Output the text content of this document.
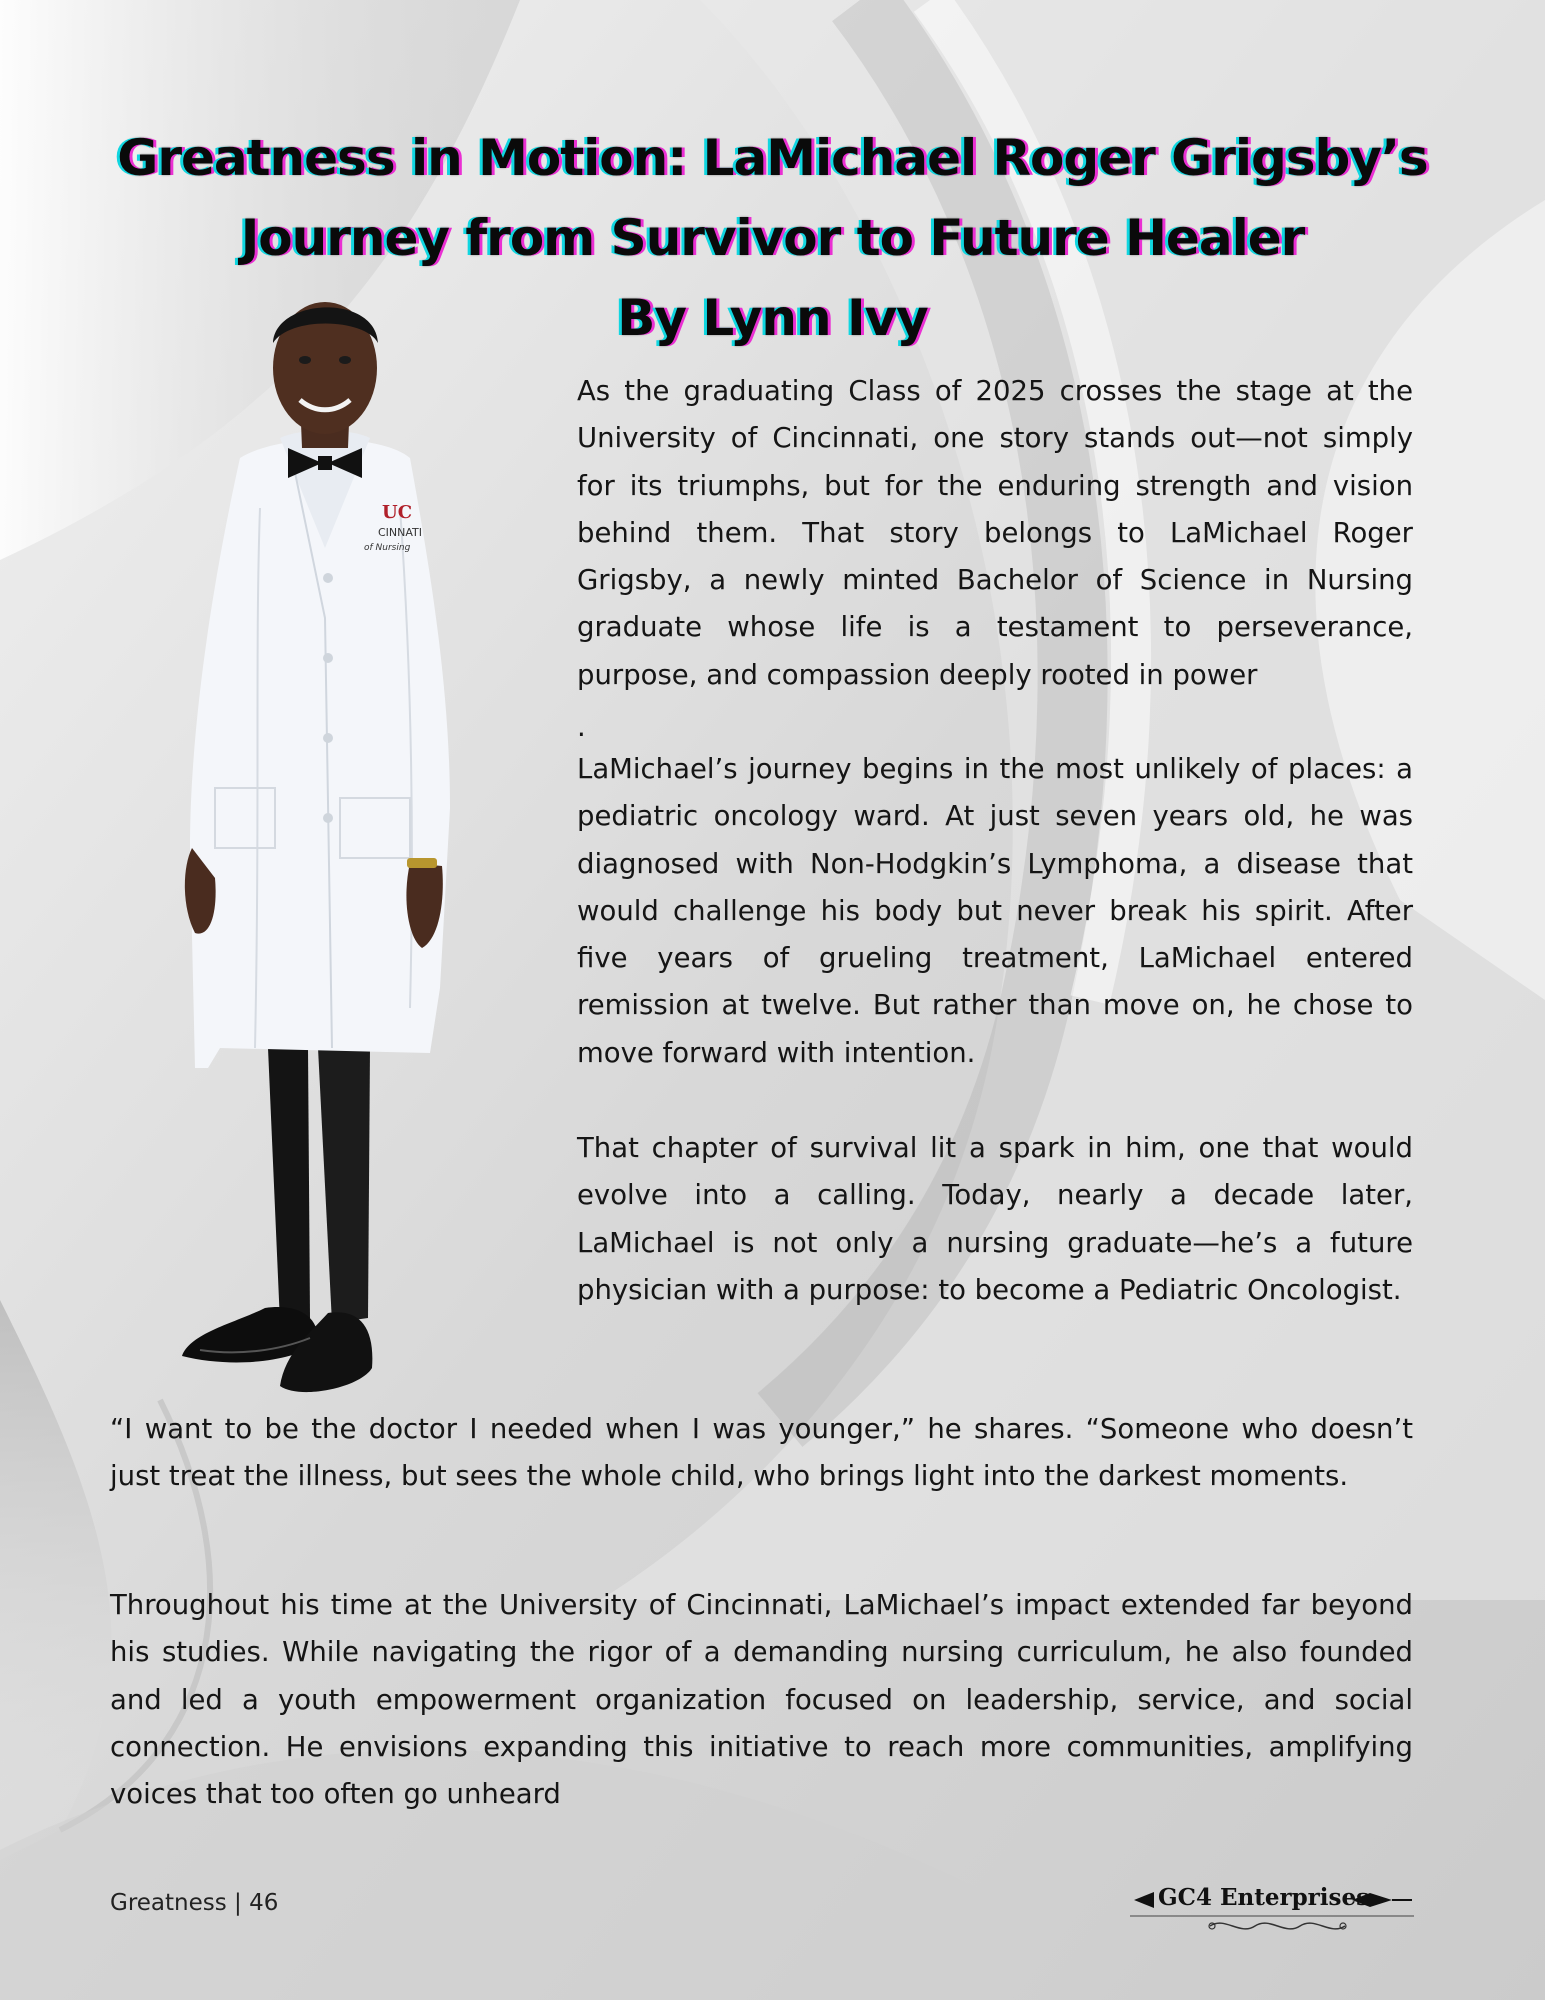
Greatness in Motion: LaMichael Roger Grigsby’s
Journey from Survivor to Future Healer
By Lynn Ivy
UC
CINNATI
of Nursing

As the graduating Class of 2025 crosses the stage at the University of Cincinnati, one story stands out—not simply for its triumphs, but for the enduring strength and vision behind them. That story belongs to LaMichael Roger Grigsby, a newly minted Bachelor of Science in Nursing graduate whose life is a testament to perseverance, purpose, and compassion deeply rooted in power

.

LaMichael’s journey begins in the most unlikely of places: a pediatric oncology ward. At just seven years old, he was diagnosed with Non-Hodgkin’s Lymphoma, a disease that would challenge his body but never break his spirit. After five years of grueling treatment, LaMichael entered remission at twelve. But rather than move on, he chose to move forward with intention.

That chapter of survival lit a spark in him, one that would evolve into a calling. Today, nearly a decade later, LaMichael is not only a nursing graduate—he’s a future physician with a purpose: to become a Pediatric Oncologist.

“I want to be the doctor I needed when I was younger,” he shares. “Someone who doesn’t just treat the illness, but sees the whole child, who brings light into the darkest moments.

Throughout his time at the University of Cincinnati, LaMichael’s impact extended far beyond his studies. While navigating the rigor of a demanding nursing curriculum, he also founded and led a youth empowerment organization focused on leadership, service, and social connection. He envisions expanding this initiative to reach more communities, amplifying voices that too often go unheard

Greatness | 46	GC4 Enterprises
